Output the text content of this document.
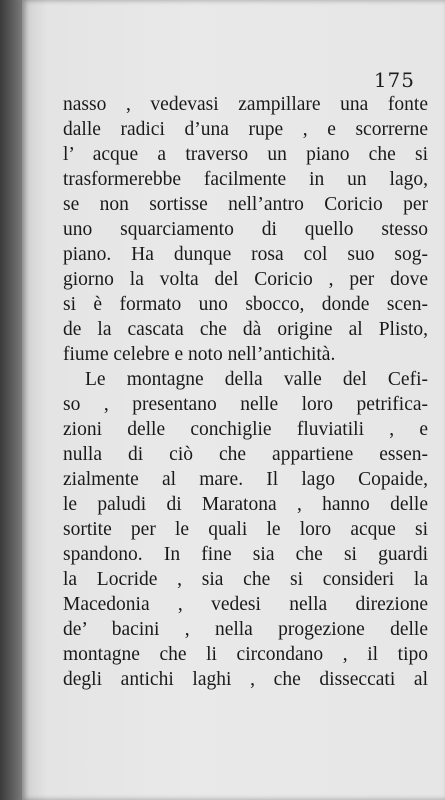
175
nasso , vedevasi zampillare una fonte
dalle radici d’una rupe , e scorrerne
l’ acque a traverso un piano che si
trasformerebbe facilmente in un lago,
se non sortisse nell’antro Coricio per
uno squarciamento di quello stesso
piano. Ha dunque rosa col suo sog-
giorno la volta del Coricio , per dove
si è formato uno sbocco, donde scen-
de la cascata che dà origine al Plisto,
fiume celebre e noto nell’antichità.
Le montagne della valle del Cefi-
so , presentano nelle loro petrifica-
zioni delle conchiglie fluviatili , e
nulla di ciò che appartiene essen-
zialmente al mare. Il lago Copaide,
le paludi di Maratona , hanno delle
sortite per le quali le loro acque si
spandono. In fine sia che si guardi
la Locride , sia che si consideri la
Macedonia , vedesi nella direzione
de’ bacini , nella progezione delle
montagne che li circondano , il tipo
degli antichi laghi , che disseccati al
